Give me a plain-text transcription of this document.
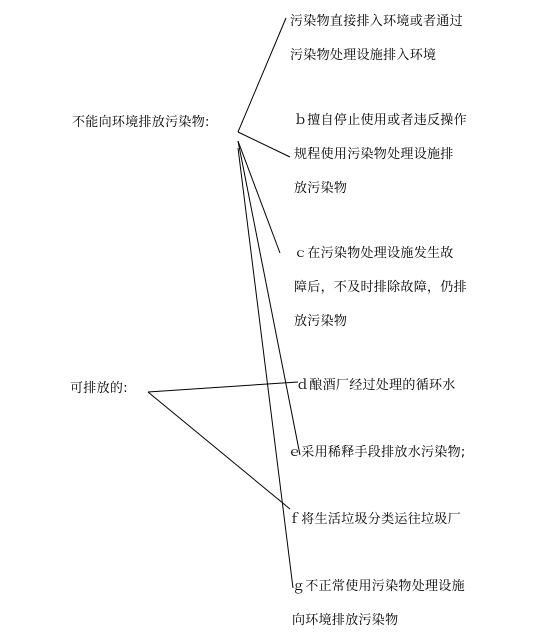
不能向环境排放污染物:
可排放的:
污染物直接排入环境或者通过
污染物处理设施排入环境
ｂ擅自停止使用或者违反操作
规程使用污染物处理设施排
放污染物
ｃ在污染物处理设施发生故
障后，不及时排除故障，仍排
放污染物
ｄ酿酒厂经过处理的循环水
ｅ采用稀释手段排放水污染物;
ｆ将生活垃圾分类运往垃圾厂
ｇ不正常使用污染物处理设施
向环境排放污染物
